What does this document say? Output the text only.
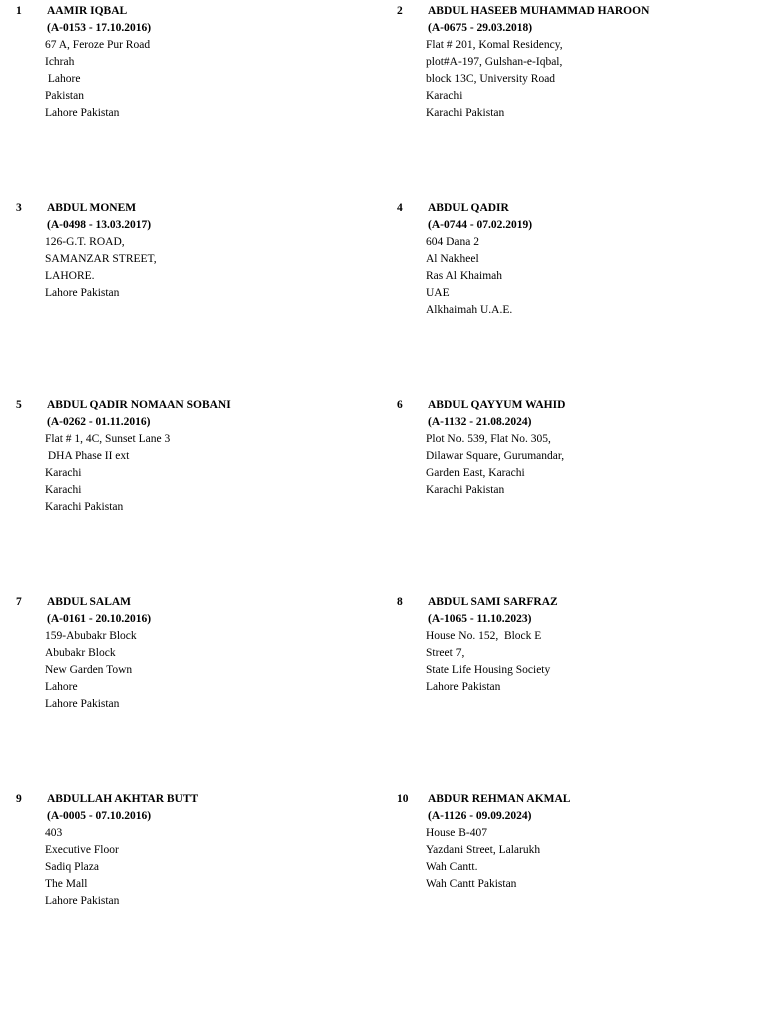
1 AAMIR IQBAL
(A-0153 - 17.10.2016)
67 A, Feroze Pur Road
Ichrah
Lahore
Pakistan
Lahore Pakistan
2 ABDUL HASEEB MUHAMMAD HAROON
(A-0675 - 29.03.2018)
Flat # 201, Komal Residency,
plot#A-197, Gulshan-e-Iqbal,
block 13C, University Road
Karachi
Karachi Pakistan
3 ABDUL MONEM
(A-0498 - 13.03.2017)
126-G.T. ROAD,
SAMANZAR STREET,
LAHORE.
Lahore Pakistan
4 ABDUL QADIR
(A-0744 - 07.02.2019)
604 Dana 2
Al Nakheel
Ras Al Khaimah
UAE
Alkhaimah U.A.E.
5 ABDUL QADIR NOMAAN SOBANI
(A-0262 - 01.11.2016)
Flat # 1, 4C, Sunset Lane 3
DHA Phase II ext
Karachi
Karachi
Karachi Pakistan
6 ABDUL QAYYUM WAHID
(A-1132 - 21.08.2024)
Plot No. 539, Flat No. 305,
Dilawar Square, Gurumandar,
Garden East, Karachi
Karachi Pakistan
7 ABDUL SALAM
(A-0161 - 20.10.2016)
159-Abubakr Block
Abubakr Block
New Garden Town
Lahore
Lahore Pakistan
8 ABDUL SAMI SARFRAZ
(A-1065 - 11.10.2023)
House No. 152,  Block E
Street 7,
State Life Housing Society
Lahore Pakistan
9 ABDULLAH AKHTAR BUTT
(A-0005 - 07.10.2016)
403
Executive Floor
Sadiq Plaza
The Mall
Lahore Pakistan
10 ABDUR REHMAN AKMAL
(A-1126 - 09.09.2024)
House B-407
Yazdani Street, Lalarukh
Wah Cantt.
Wah Cantt Pakistan
